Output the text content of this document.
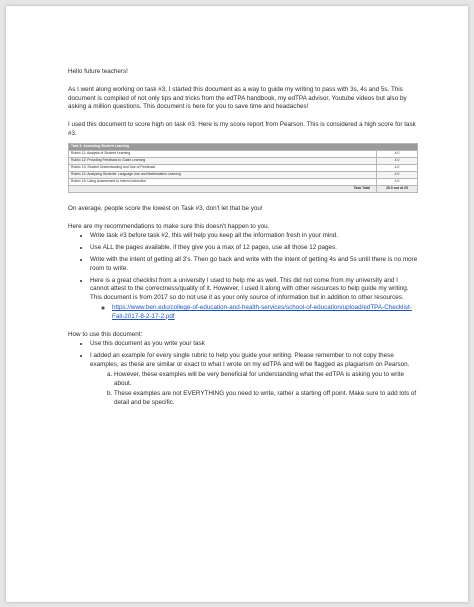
Hello future teachers!

As I went along working on task #3, I started this document as a way to guide my writing to pass with 3s, 4s and 5s. This document is compiled of not only tips and tricks from the edTPA handbook, my edTPA advisor, Youtube videos but also by asking a million questions. This document is here for you to save time and headaches!

I used this document to score high on task #3. Here is my score report from Pearson. This is considered a high score for task #3.

Task 3: Assessing Student Learning	
Rubric 11: Analysis of Student Learning	4.0
Rubric 12: Providing Feedback to Guide Learning	4.0
Rubric 13: Student Understanding and Use of Feedback	4.0
Rubric 14: Analyzing Students' Language Use and Mathematics Learning	4.0
Rubric 15: Using Assessment to Inform Instruction	4.0
Task Total	20.0 out of 25

On average, people score the lowest on Task #3, don't let that be you!

Here are my recommendations to make sure this doesn't happen to you.

• Write task #3 before task #2, this will help you keep all the information fresh in your mind.
• Use ALL the pages available, if they give you a max of 12 pages, use all those 12 pages.
• Write with the intent of getting all 3's. Then go back and write with the intent of getting 4s and 5s until there is no more room to write.
• Here is a great checklist from a university I used to help me as well. This did not come from my university and I cannot attest to the correctness/quality of it. However, I used it along with other resources to help guide my writing. This document is from 2017 so do not use it as your only source of information but in addition to other resources.
◦ https://www.ben.edu/college-of-education-and-health-services/school-of-education/upload/edTPA-Checklist-Fall-2017-8-2-17-2.pdf

How to use this document:

• Use this document as you write your task
• I added an example for every single rubric to help you guide your writing. Please remember to not copy these examples, as these are similar or exact to what I wrote on my edTPA and will be flagged as plagiarism on Pearson.
a. However, these examples will be very beneficial for understanding what the edTPA is asking you to write about.
b. These examples are not EVERYTHING you need to write, rather a starting off point. Make sure to add lots of detail and be specific.
